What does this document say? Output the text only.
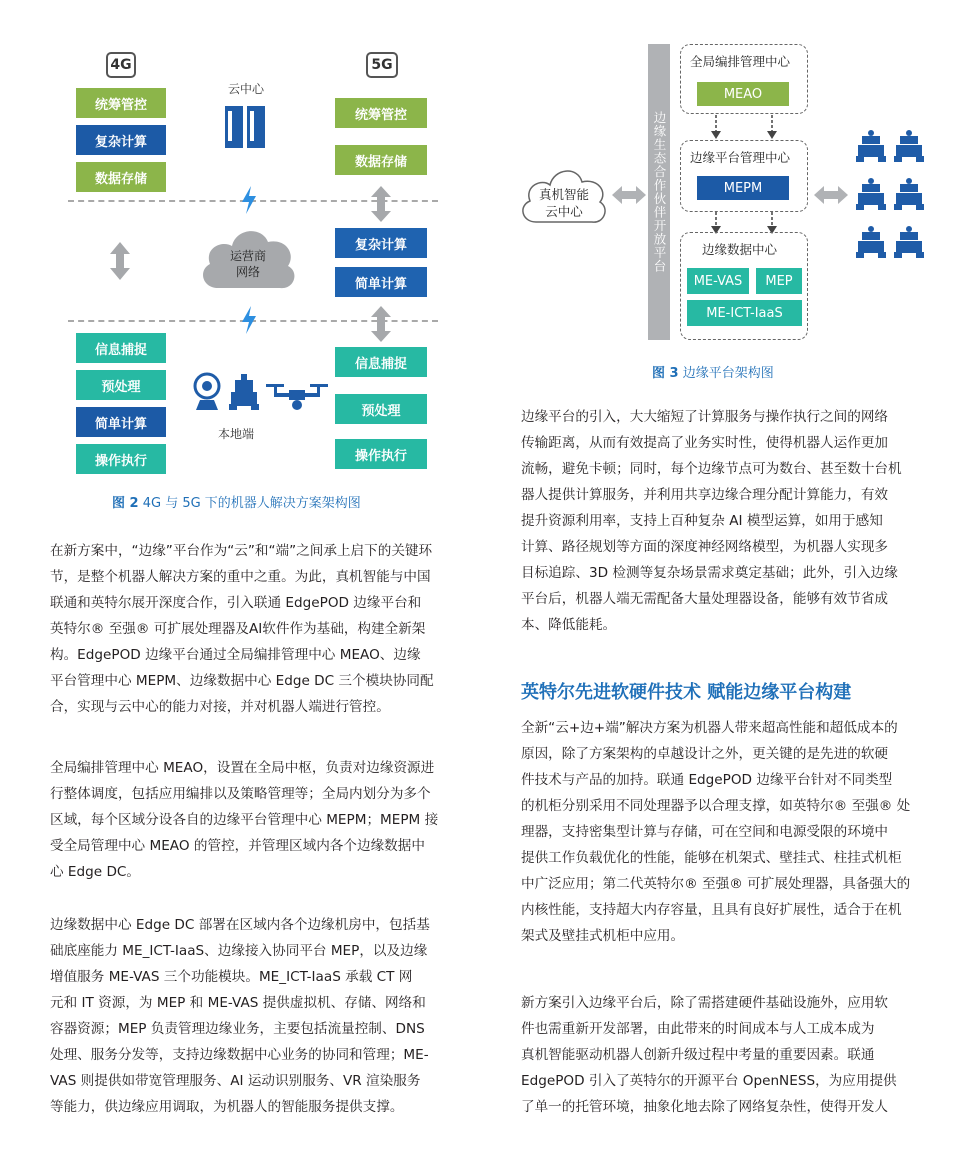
4G	5G
统筹管控
复杂计算
数据存储
统筹管控
数据存储
云中心
运营商网络
复杂计算
简单计算
信息捕捉
预处理
简单计算
操作执行
信息捕捉
预处理
操作执行
本地端
图 2 4G 与 5G 下的机器人解决方案架构图
真机智能云中心	边缘生态合作伙伴开放平台
全局编排管理中心
MEAO
边缘平台管理中心
MEPM
边缘数据中心
ME-VAS	MEP
ME-ICT-IaaS
图 3 边缘平台架构图
在新方案中，“边缘”平台作为“云”和“端”之间承上启下的关键环
节，是整个机器人解决方案的重中之重。为此，真机智能与中国
联通和英特尔展开深度合作，引入联通 EdgePOD 边缘平台和
英特尔® 至强® 可扩展处理器及AI软件作为基础，构建全新架
构。EdgePOD 边缘平台通过全局编排管理中心 MEAO、边缘
平台管理中心 MEPM、边缘数据中心 Edge DC 三个模块协同配
合，实现与云中心的能力对接，并对机器人端进行管控。
全局编排管理中心 MEAO，设置在全局中枢，负责对边缘资源进
行整体调度，包括应用编排以及策略管理等；全局内划分为多个
区域，每个区域分设各自的边缘平台管理中心 MEPM；MEPM 接
受全局管理中心 MEAO 的管控，并管理区域内各个边缘数据中
心 Edge DC。
边缘数据中心 Edge DC 部署在区域内各个边缘机房中，包括基
础底座能力 ME_ICT-IaaS、边缘接入协同平台 MEP，以及边缘
增值服务 ME-VAS 三个功能模块。ME_ICT-IaaS 承载 CT 网
元和 IT 资源，为 MEP 和 ME-VAS 提供虚拟机、存储、网络和
容器资源；MEP 负责管理边缘业务，主要包括流量控制、DNS
处理、服务分发等，支持边缘数据中心业务的协同和管理；ME-
VAS 则提供如带宽管理服务、AI 运动识别服务、VR 渲染服务
等能力，供边缘应用调取，为机器人的智能服务提供支撑。
边缘平台的引入，大大缩短了计算服务与操作执行之间的网络
传输距离，从而有效提高了业务实时性，使得机器人运作更加
流畅，避免卡顿；同时，每个边缘节点可为数台、甚至数十台机
器人提供计算服务，并利用共享边缘合理分配计算能力，有效
提升资源利用率，支持上百种复杂 AI 模型运算，如用于感知
计算、路径规划等方面的深度神经网络模型，为机器人实现多
目标追踪、3D 检测等复杂场景需求奠定基础；此外，引入边缘
平台后，机器人端无需配备大量处理器设备，能够有效节省成
本、降低能耗。
英特尔先进软硬件技术 赋能边缘平台构建
全新“云+边+端”解决方案为机器人带来超高性能和超低成本的
原因，除了方案架构的卓越设计之外，更关键的是先进的软硬
件技术与产品的加持。联通 EdgePOD 边缘平台针对不同类型
的机柜分别采用不同处理器予以合理支撑，如英特尔® 至强® 处
理器，支持密集型计算与存储，可在空间和电源受限的环境中
提供工作负载优化的性能，能够在机架式、壁挂式、柱挂式机柜
中广泛应用；第二代英特尔® 至强® 可扩展处理器，具备强大的
内核性能，支持超大内存容量，且具有良好扩展性，适合于在机
架式及壁挂式机柜中应用。
新方案引入边缘平台后，除了需搭建硬件基础设施外，应用软
件也需重新开发部署，由此带来的时间成本与人工成本成为
真机智能驱动机器人创新升级过程中考量的重要因素。联通
EdgePOD 引入了英特尔的开源平台 OpenNESS，为应用提供
了单一的托管环境，抽象化地去除了网络复杂性，使得开发人
